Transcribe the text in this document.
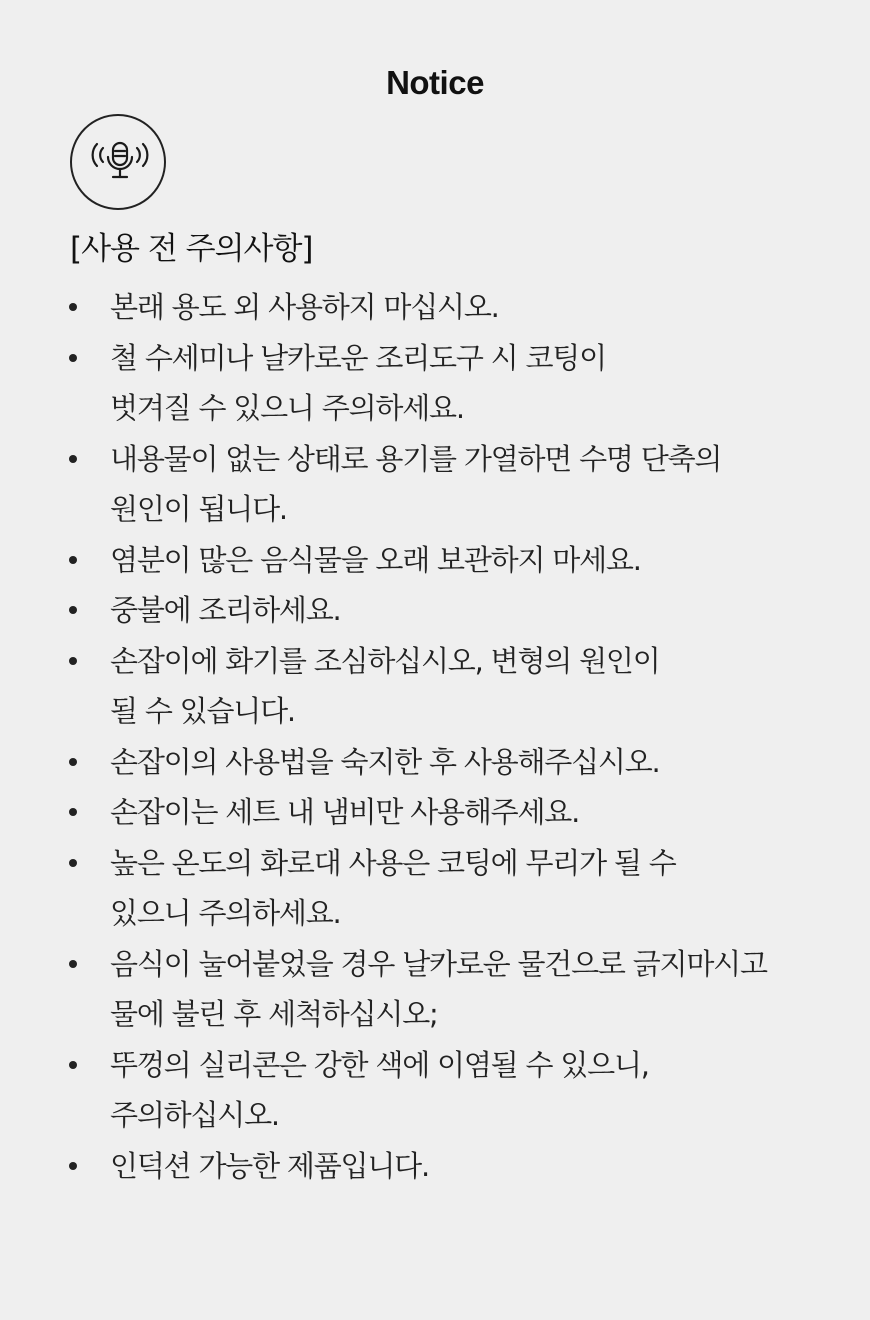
Notice
[사용 전 주의사항]
본래 용도 외 사용하지 마십시오.
철 수세미나 날카로운 조리도구 시 코팅이
벗겨질 수 있으니 주의하세요.
내용물이 없는 상태로 용기를 가열하면 수명 단축의
원인이 됩니다.
염분이 많은 음식물을 오래 보관하지 마세요.
중불에 조리하세요.
손잡이에 화기를 조심하십시오, 변형의 원인이
될 수 있습니다.
손잡이의 사용법을 숙지한 후 사용해주십시오.
손잡이는 세트 내 냄비만 사용해주세요.
높은 온도의 화로대 사용은 코팅에 무리가 될 수
있으니 주의하세요.
음식이 눌어붙었을 경우 날카로운 물건으로 긁지마시고
물에 불린 후 세척하십시오;
뚜껑의 실리콘은 강한 색에 이염될 수 있으니,
주의하십시오.
인덕션 가능한 제품입니다.
